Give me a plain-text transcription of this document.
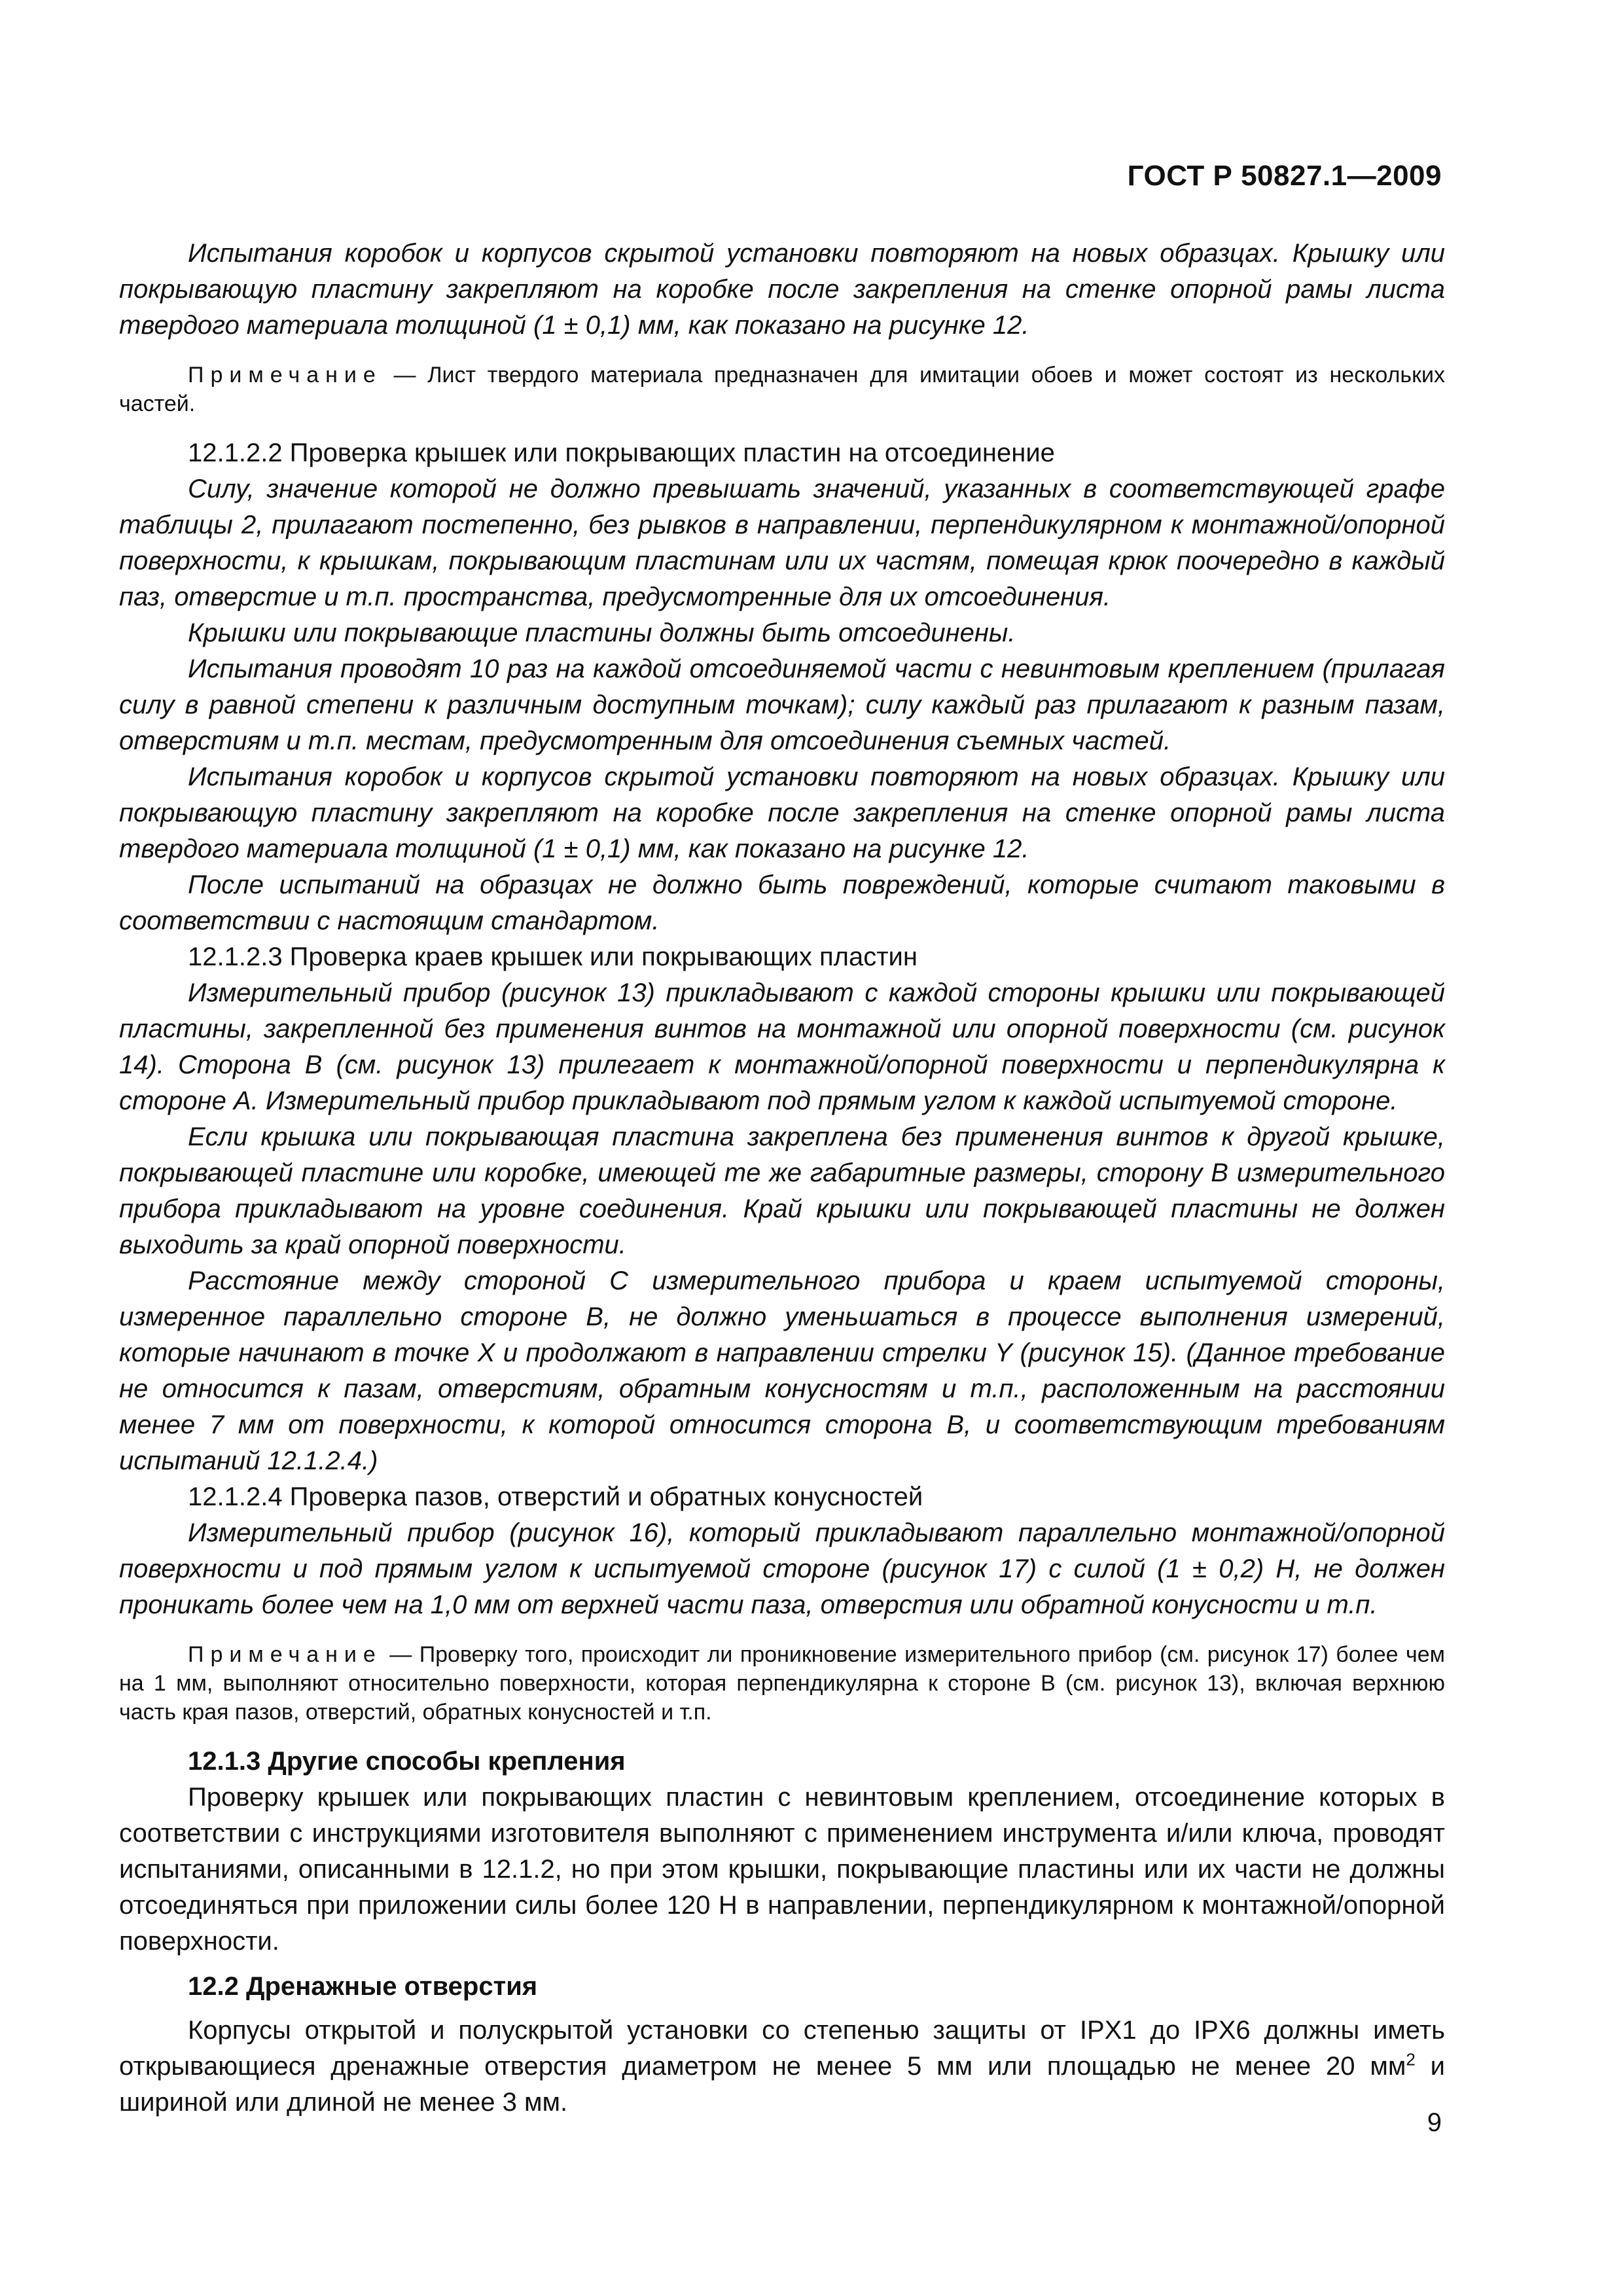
ГОСТ Р 50827.1—2009

Испытания коробок и корпусов скрытой установки повторяют на новых образцах. Крышку или покрывающую пластину закрепляют на коробке после закрепления на стенке опорной рамы листа твердого материала толщиной (1 ± 0,1) мм, как показано на рисунке 12.

Примечание — Лист твердого материала предназначен для имитации обоев и может состоят из нескольких частей.

12.1.2.2 Проверка крышек или покрывающих пластин на отсоединение

Силу, значение которой не должно превышать значений, указанных в соответствующей графе таблицы 2, прилагают постепенно, без рывков в направлении, перпендикулярном к монтажной/опорной поверхности, к крышкам, покрывающим пластинам или их частям, помещая крюк поочередно в каждый паз, отверстие и т.п. пространства, предусмотренные для их отсоединения.

Крышки или покрывающие пластины должны быть отсоединены.

Испытания проводят 10 раз на каждой отсоединяемой части с невинтовым креплением (прилагая силу в равной степени к различным доступным точкам); силу каждый раз прилагают к разным пазам, отверстиям и т.п. местам, предусмотренным для отсоединения съемных частей.

Испытания коробок и корпусов скрытой установки повторяют на новых образцах. Крышку или покрывающую пластину закрепляют на коробке после закрепления на стенке опорной рамы листа твердого материала толщиной (1 ± 0,1) мм, как показано на рисунке 12.

После испытаний на образцах не должно быть повреждений, которые считают таковыми в соответствии с настоящим стандартом.

12.1.2.3 Проверка краев крышек или покрывающих пластин

Измерительный прибор (рисунок 13) прикладывают с каждой стороны крышки или покрывающей пластины, закрепленной без применения винтов на монтажной или опорной поверхности (см. рисунок 14). Сторона В (см. рисунок 13) прилегает к монтажной/опорной поверхности и перпендикулярна к стороне А. Измерительный прибор прикладывают под прямым углом к каждой испытуемой стороне.

Если крышка или покрывающая пластина закреплена без применения винтов к другой крышке, покрывающей пластине или коробке, имеющей те же габаритные размеры, сторону В измерительного прибора прикладывают на уровне соединения. Край крышки или покрывающей пластины не должен выходить за край опорной поверхности.

Расстояние между стороной С измерительного прибора и краем испытуемой стороны, измеренное параллельно стороне В, не должно уменьшаться в процессе выполнения измерений, которые начинают в точке X и продолжают в направлении стрелки Y (рисунок 15). (Данное требование не относится к пазам, отверстиям, обратным конусностям и т.п., расположенным на расстоянии менее 7 мм от поверхности, к которой относится сторона В, и соответствующим требованиям испытаний 12.1.2.4.)

12.1.2.4 Проверка пазов, отверстий и обратных конусностей

Измерительный прибор (рисунок 16), который прикладывают параллельно монтажной/опорной поверхности и под прямым углом к испытуемой стороне (рисунок 17) с силой (1 ± 0,2) Н, не должен проникать более чем на 1,0 мм от верхней части паза, отверстия или обратной конусности и т.п.

Примечание — Проверку того, происходит ли проникновение измерительного прибор (см. рисунок 17) более чем на 1 мм, выполняют относительно поверхности, которая перпендикулярна к стороне В (см. рисунок 13), включая верхнюю часть края пазов, отверстий, обратных конусностей и т.п.

12.1.3 Другие способы крепления

Проверку крышек или покрывающих пластин с невинтовым креплением, отсоединение которых в соответствии с инструкциями изготовителя выполняют с применением инструмента и/или ключа, проводят испытаниями, описанными в 12.1.2, но при этом крышки, покрывающие пластины или их части не должны отсоединяться при приложении силы более 120 Н в направлении, перпендикулярном к монтажной/опорной поверхности.

12.2 Дренажные отверстия

Корпусы открытой и полускрытой установки со степенью защиты от IPX1 до IPX6 должны иметь открывающиеся дренажные отверстия диаметром не менее 5 мм или площадью не менее 20 $мм^2$ и шириной или длиной не менее 3 мм.

9
